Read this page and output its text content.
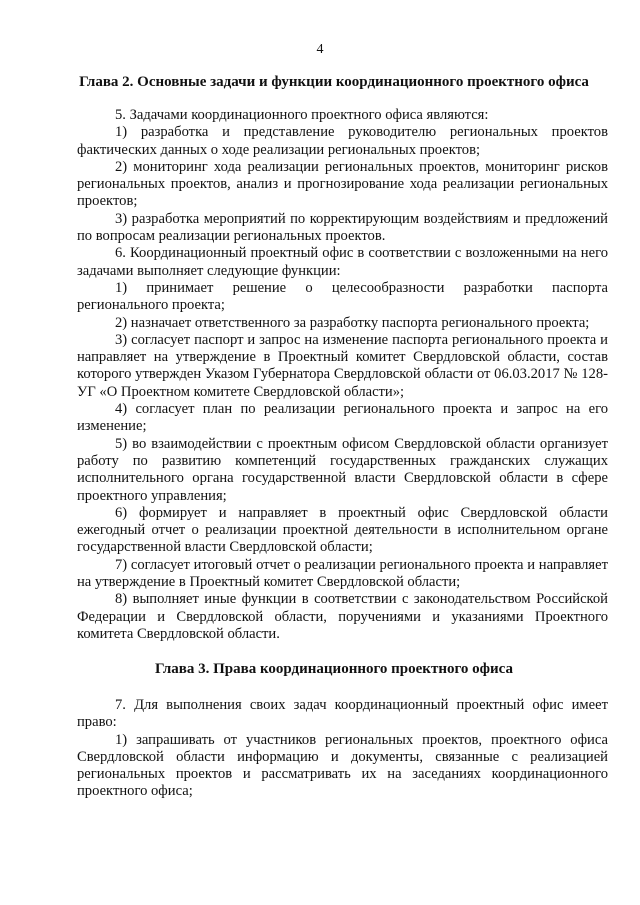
4
Глава 2. Основные задачи и функции координационного проектного офиса

5. Задачами координационного проектного офиса являются:

1) разработка и представление руководителю региональных проектов фактических данных о ходе реализации региональных проектов;

2) мониторинг хода реализации региональных проектов, мониторинг рисков региональных проектов, анализ и прогнозирование хода реализации региональных проектов;

3) разработка мероприятий по корректирующим воздействиям и предложений по вопросам реализации региональных проектов.

6. Координационный проектный офис в соответствии с возложенными на него задачами выполняет следующие функции:

1) принимает решение о целесообразности разработки паспорта регионального проекта;

2) назначает ответственного за разработку паспорта регионального проекта;

3) согласует паспорт и запрос на изменение паспорта регионального проекта и направляет на утверждение в Проектный комитет Свердловской области, состав которого утвержден Указом Губернатора Свердловской области от 06.03.2017 № 128-УГ «О Проектном комитете Свердловской области»;

4) согласует план по реализации регионального проекта и запрос на его изменение;

5) во взаимодействии с проектным офисом Свердловской области организует работу по развитию компетенций государственных гражданских служащих исполнительного органа государственной власти Свердловской области в сфере проектного управления;

6) формирует и направляет в проектный офис Свердловской области ежегодный отчет о реализации проектной деятельности в исполнительном органе государственной власти Свердловской области;

7) согласует итоговый отчет о реализации регионального проекта и направляет на утверждение в Проектный комитет Свердловской области;

8) выполняет иные функции в соответствии с законодательством Российской Федерации и Свердловской области, поручениями и указаниями Проектного комитета Свердловской области.

Глава 3. Права координационного проектного офиса

7. Для выполнения своих задач координационный проектный офис имеет право:

1) запрашивать от участников региональных проектов, проектного офиса Свердловской области информацию и документы, связанные с реализацией региональных проектов и рассматривать их на заседаниях координационного проектного офиса;
